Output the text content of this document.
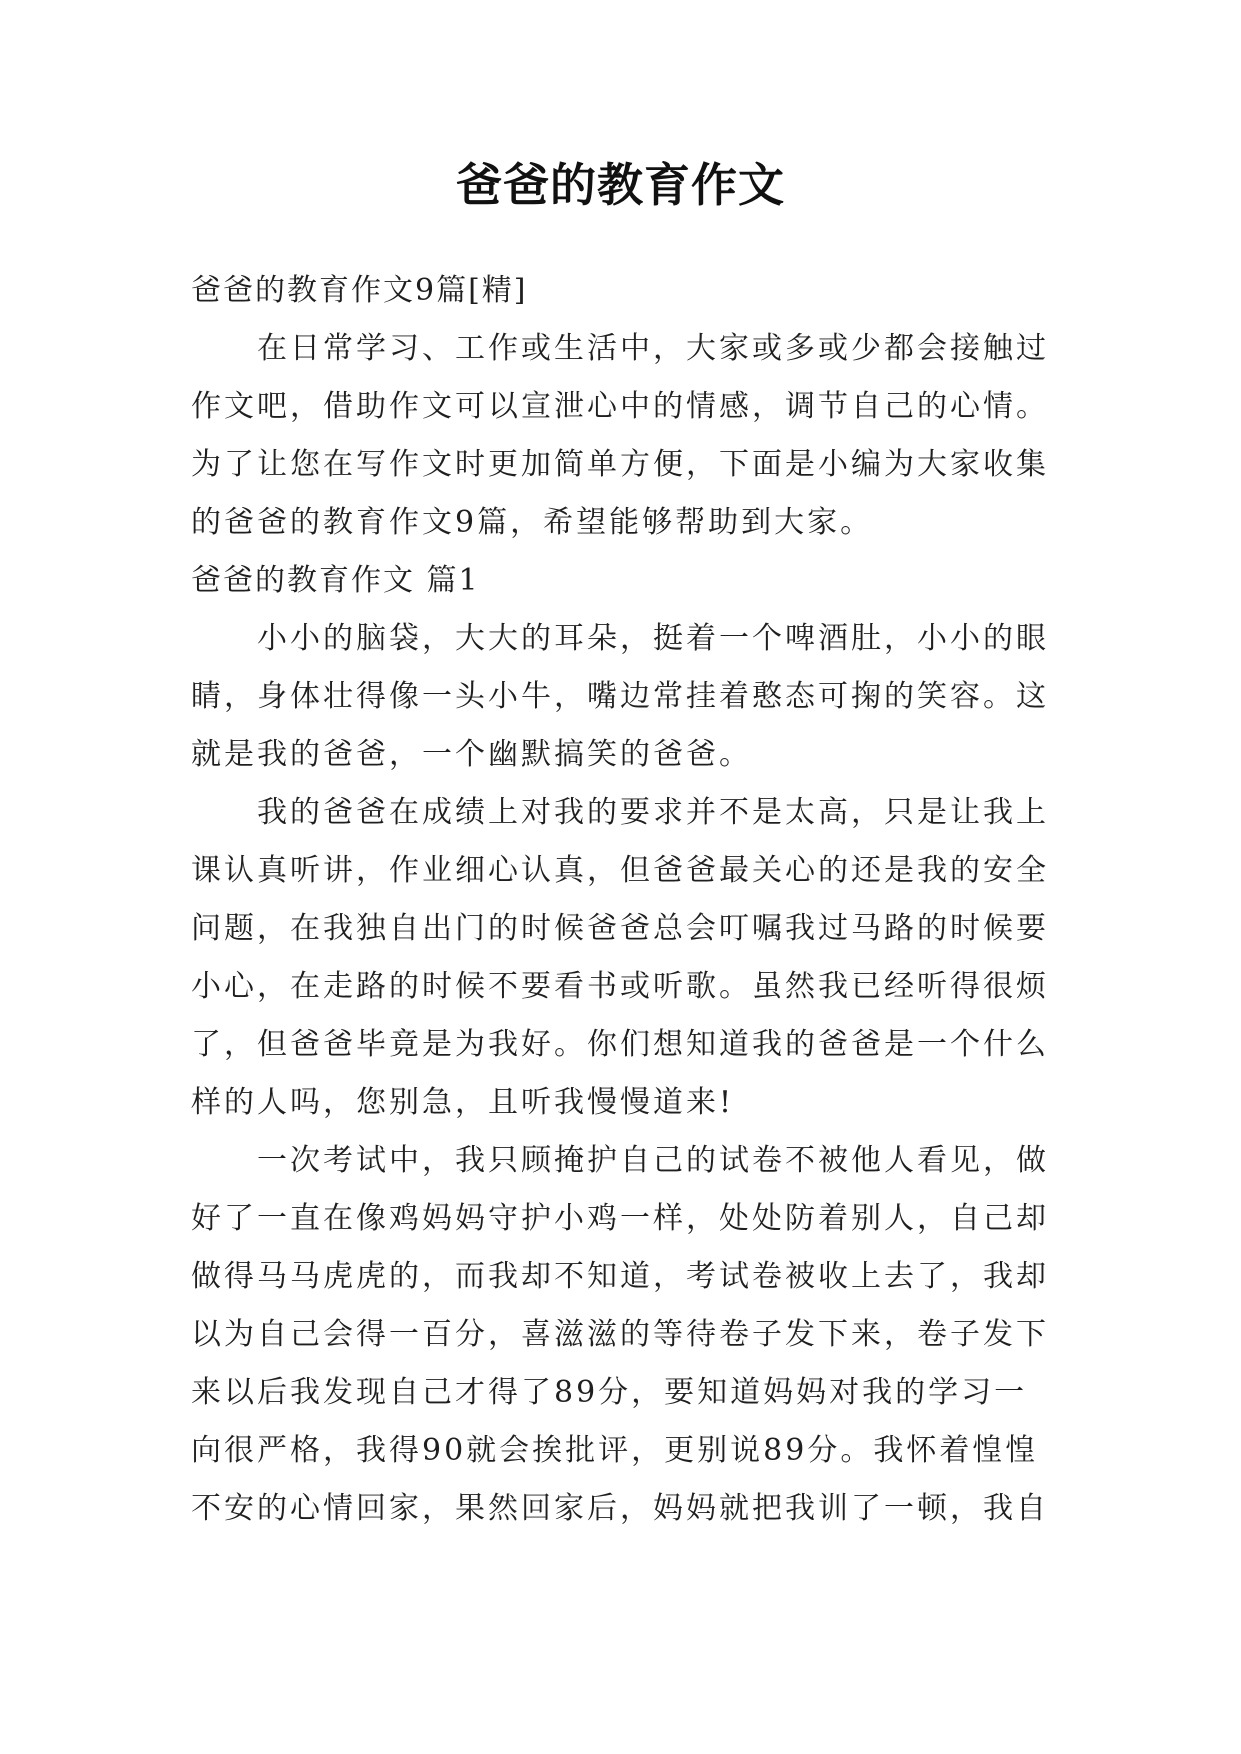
爸爸的教育作文
爸爸的教育作文9篇[精]
在日常学习、工作或生活中，大家或多或少都会接触过
作文吧，借助作文可以宣泄心中的情感，调节自己的心情。
为了让您在写作文时更加简单方便，下面是小编为大家收集
的爸爸的教育作文9篇，希望能够帮助到大家。
爸爸的教育作文 篇1
小小的脑袋，大大的耳朵，挺着一个啤酒肚，小小的眼
睛，身体壮得像一头小牛，嘴边常挂着憨态可掬的笑容。这
就是我的爸爸，一个幽默搞笑的爸爸。
我的爸爸在成绩上对我的要求并不是太高，只是让我上
课认真听讲，作业细心认真，但爸爸最关心的还是我的安全
问题，在我独自出门的时候爸爸总会叮嘱我过马路的时候要
小心，在走路的时候不要看书或听歌。虽然我已经听得很烦
了，但爸爸毕竟是为我好。你们想知道我的爸爸是一个什么
样的人吗，您别急，且听我慢慢道来!
一次考试中，我只顾掩护自己的试卷不被他人看见，做
好了一直在像鸡妈妈守护小鸡一样，处处防着别人，自己却
做得马马虎虎的，而我却不知道，考试卷被收上去了，我却
以为自己会得一百分，喜滋滋的等待卷子发下来，卷子发下
来以后我发现自己才得了89分，要知道妈妈对我的学习一
向很严格，我得90就会挨批评，更别说89分。我怀着惶惶
不安的心情回家，果然回家后，妈妈就把我训了一顿，我自
